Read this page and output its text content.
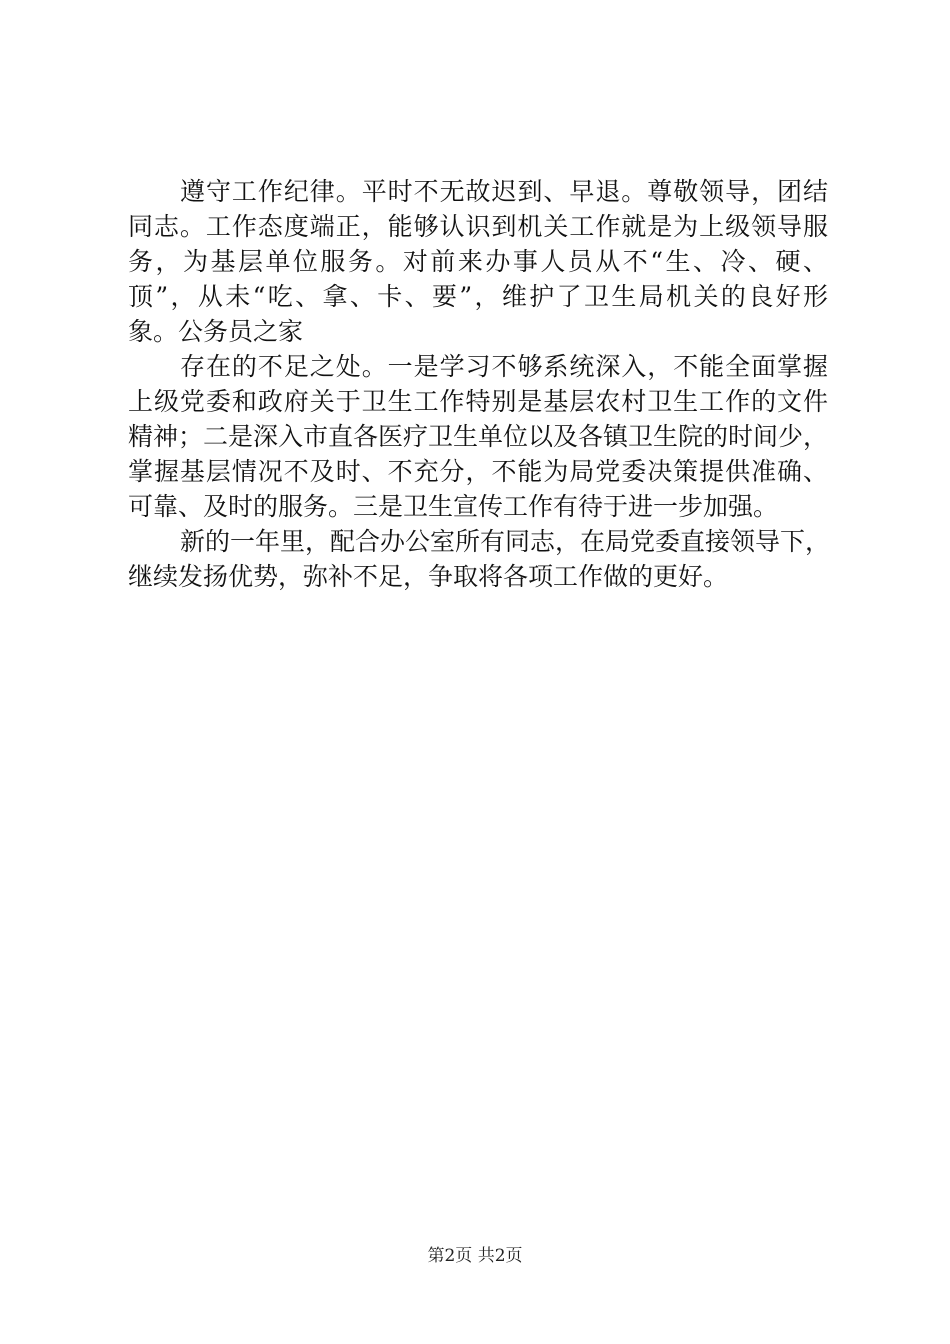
遵守工作纪律。平时不无故迟到、早退。尊敬领导，团结
同志。工作态度端正，能够认识到机关工作就是为上级领导服
务，为基层单位服务。对前来办事人员从不“生、冷、硬、
顶”，从未“吃、拿、卡、要”，维护了卫生局机关的良好形
象。公务员之家
存在的不足之处。一是学习不够系统深入，不能全面掌握
上级党委和政府关于卫生工作特别是基层农村卫生工作的文件
精神；二是深入市直各医疗卫生单位以及各镇卫生院的时间少，
掌握基层情况不及时、不充分，不能为局党委决策提供准确、
可靠、及时的服务。三是卫生宣传工作有待于进一步加强。
新的一年里，配合办公室所有同志，在局党委直接领导下，
继续发扬优势，弥补不足，争取将各项工作做的更好。
第2页 共2页
